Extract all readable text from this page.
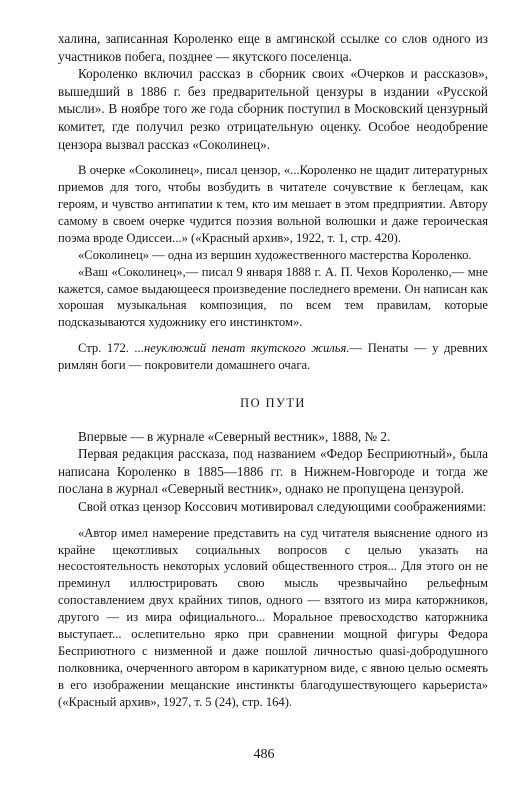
халина, записанная Короленко еще в амгинской ссылке со слов одного из участников побега, позднее — якутского поселенца.

Короленко включил рассказ в сборник своих «Очерков и рассказов», вышедший в 1886 г. без предварительной цензуры в издании «Русской мысли». В ноябре того же года сборник поступил в Московский цензурный комитет, где получил резко отрицательную оценку. Особое неодобрение цензора вызвал рассказ «Соколинец».

В очерке «Соколинец», писал цензор, «...Короленко не щадит литературных приемов для того, чтобы возбудить в читателе сочувствие к беглецам, как героям, и чувство антипатии к тем, кто им мешает в этом предприятии. Автору самому в своем очерке чудится поэзия вольной волюшки и даже героическая поэма вроде Одиссеи...» («Красный архив», 1922, т. 1, стр. 420).

«Соколинец» — одна из вершин художественного мастерства Короленко.

«Ваш «Соколинец»,— писал 9 января 1888 г. А. П. Чехов Короленко,— мне кажется, самое выдающееся произведение последнего времени. Он написан как хорошая музыкальная композиция, по всем тем правилам, которые подсказываются художнику его инстинктом».

Стр. 172. ...неуклюжий пенат якутского жилья.— Пенаты — у древних римлян боги — покровители домашнего очага.

ПО ПУТИ

Впервые — в журнале «Северный вестник», 1888, № 2.

Первая редакция рассказа, под названием «Федор Бесприютный», была написана Короленко в 1885—1886 гг. в Нижнем-Новгороде и тогда же послана в журнал «Северный вестник», однако не пропущена цензурой.

Свой отказ цензор Коссович мотивировал следующими соображениями:

«Автор имел намерение представить на суд читателя выяснение одного из крайне щекотливых социальных вопросов с целью указать на несостоятельность некоторых условий общественного строя... Для этого он не преминул иллюстрировать свою мысль чрезвычайно рельефным сопоставлением двух крайних типов, одного — взятого из мира каторжников, другого — из мира официального... Моральное превосходство каторжника выступает... ослепительно ярко при сравнении мощной фигуры Федора Бесприютного с низменной и даже пошлой личностью quasi-добродушного полковника, очерченного автором в карикатурном виде, с явною целью осмеять в его изображении мещанские инстинкты благодушествующего карьериста» («Красный архив», 1927, т. 5 (24), стр. 164).

486
